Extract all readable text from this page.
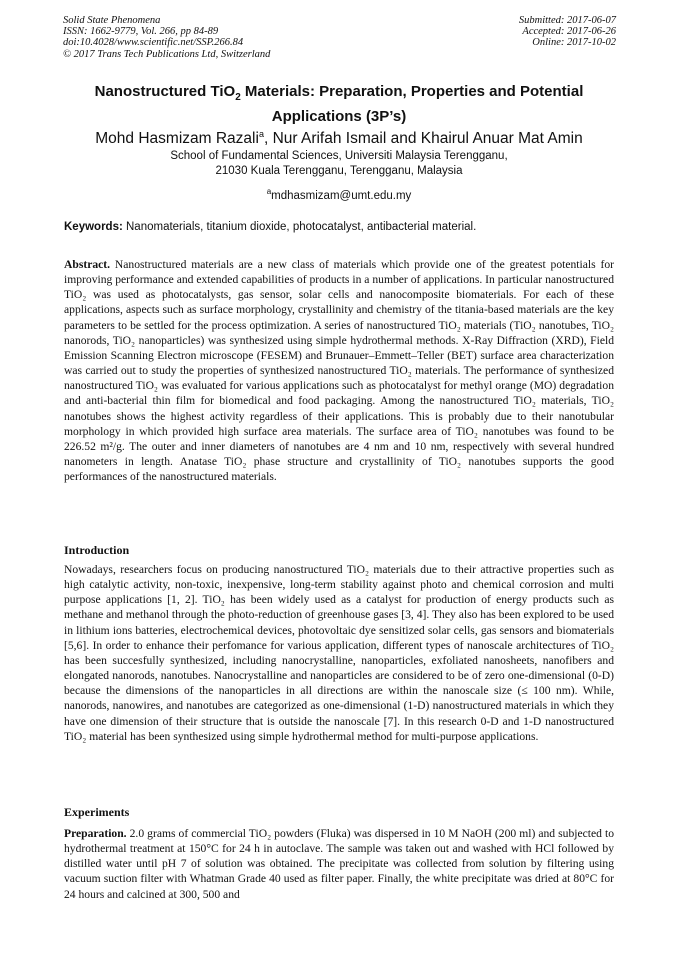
Solid State Phenomena
ISSN: 1662-9779, Vol. 266, pp 84-89
doi:10.4028/www.scientific.net/SSP.266.84
© 2017 Trans Tech Publications Ltd, Switzerland
Submitted: 2017-06-07
Accepted: 2017-06-26
Online: 2017-10-02
Nanostructured TiO$_2$ Materials: Preparation, Properties and Potential
Applications (3P’s)
Mohd Hasmizam Razali$^a$, Nur Arifah Ismail and Khairul Anuar Mat Amin
School of Fundamental Sciences, Universiti Malaysia Terengganu,
21030 Kuala Terengganu, Terengganu, Malaysia
$^a$mdhasmizam@umt.edu.my
Keywords: Nanomaterials, titanium dioxide, photocatalyst, antibacterial material.
Abstract. Nanostructured materials are a new class of materials which provide one of the greatest potentials for improving performance and extended capabilities of products in a number of applications. In particular nanostructured TiO₂ was used as photocatalysts, gas sensor, solar cells and nanocomposite biomaterials. For each of these applications, aspects such as surface morphology, crystallinity and chemistry of the titania-based materials are the key parameters to be settled for the process optimization. A series of nanostructured TiO₂ materials (TiO₂ nanotubes, TiO₂ nanorods, TiO₂ nanoparticles) was synthesized using simple hydrothermal methods. X-Ray Diffraction (XRD), Field Emission Scanning Electron microscope (FESEM) and Brunauer–Emmett–Teller (BET) surface area characterization was carried out to study the properties of synthesized nanostructured TiO₂ materials. The performance of synthesized nanostructured TiO₂ was evaluated for various applications such as photocatalyst for methyl orange (MO) degradation and anti-bacterial thin film for biomedical and food packaging. Among the nanostructured TiO₂ materials, TiO₂ nanotubes shows the highest activity regardless of their applications. This is probably due to their nanotubular morphology in which provided high surface area materials. The surface area of TiO₂ nanotubes was found to be 226.52 m²/g. The outer and inner diameters of nanotubes are 4 nm and 10 nm, respectively with several hundred nanometers in length. Anatase TiO₂ phase structure and crystallinity of TiO₂ nanotubes supports the good performances of the nanostructured materials.
Introduction
Nowadays, researchers focus on producing nanostructured TiO₂ materials due to their attractive properties such as high catalytic activity, non-toxic, inexpensive, long-term stability against photo and chemical corrosion and multi purpose applications [1, 2]. TiO₂ has been widely used as a catalyst for production of energy products such as methane and methanol through the photo-reduction of greenhouse gases [3, 4]. They also has been explored to be used in lithium ions batteries, electrochemical devices, photovoltaic dye sensitized solar cells, gas sensors and biomaterials [5,6]. In order to enhance their perfomance for various application, different types of nanoscale architectures of TiO₂ has been succesfully synthesized, including nanocrystalline, nanoparticles, exfoliated nanosheets, nanofibers and elongated nanorods, nanotubes. Nanocrystalline and nanoparticles are considered to be of zero one-dimensional (0-D) because the dimensions of the nanoparticles in all directions are within the nanoscale size (≤ 100 nm). While, nanorods, nanowires, and nanotubes are categorized as one-dimensional (1-D) nanostructured materials in which they have one dimension of their structure that is outside the nanoscale [7]. In this research 0-D and 1-D nanostructured TiO₂ material has been synthesized using simple hydrothermal method for multi-purpose applications.
Experiments
Preparation. 2.0 grams of commercial TiO₂ powders (Fluka) was dispersed in 10 M NaOH (200 ml) and subjected to hydrothermal treatment at 150°C for 24 h in autoclave. The sample was taken out and washed with HCl followed by distilled water until pH 7 of solution was obtained. The precipitate was collected from solution by filtering using vacuum suction filter with Whatman Grade 40 used as filter paper. Finally, the white precipitate was dried at 80°C for 24 hours and calcined at 300, 500 and
